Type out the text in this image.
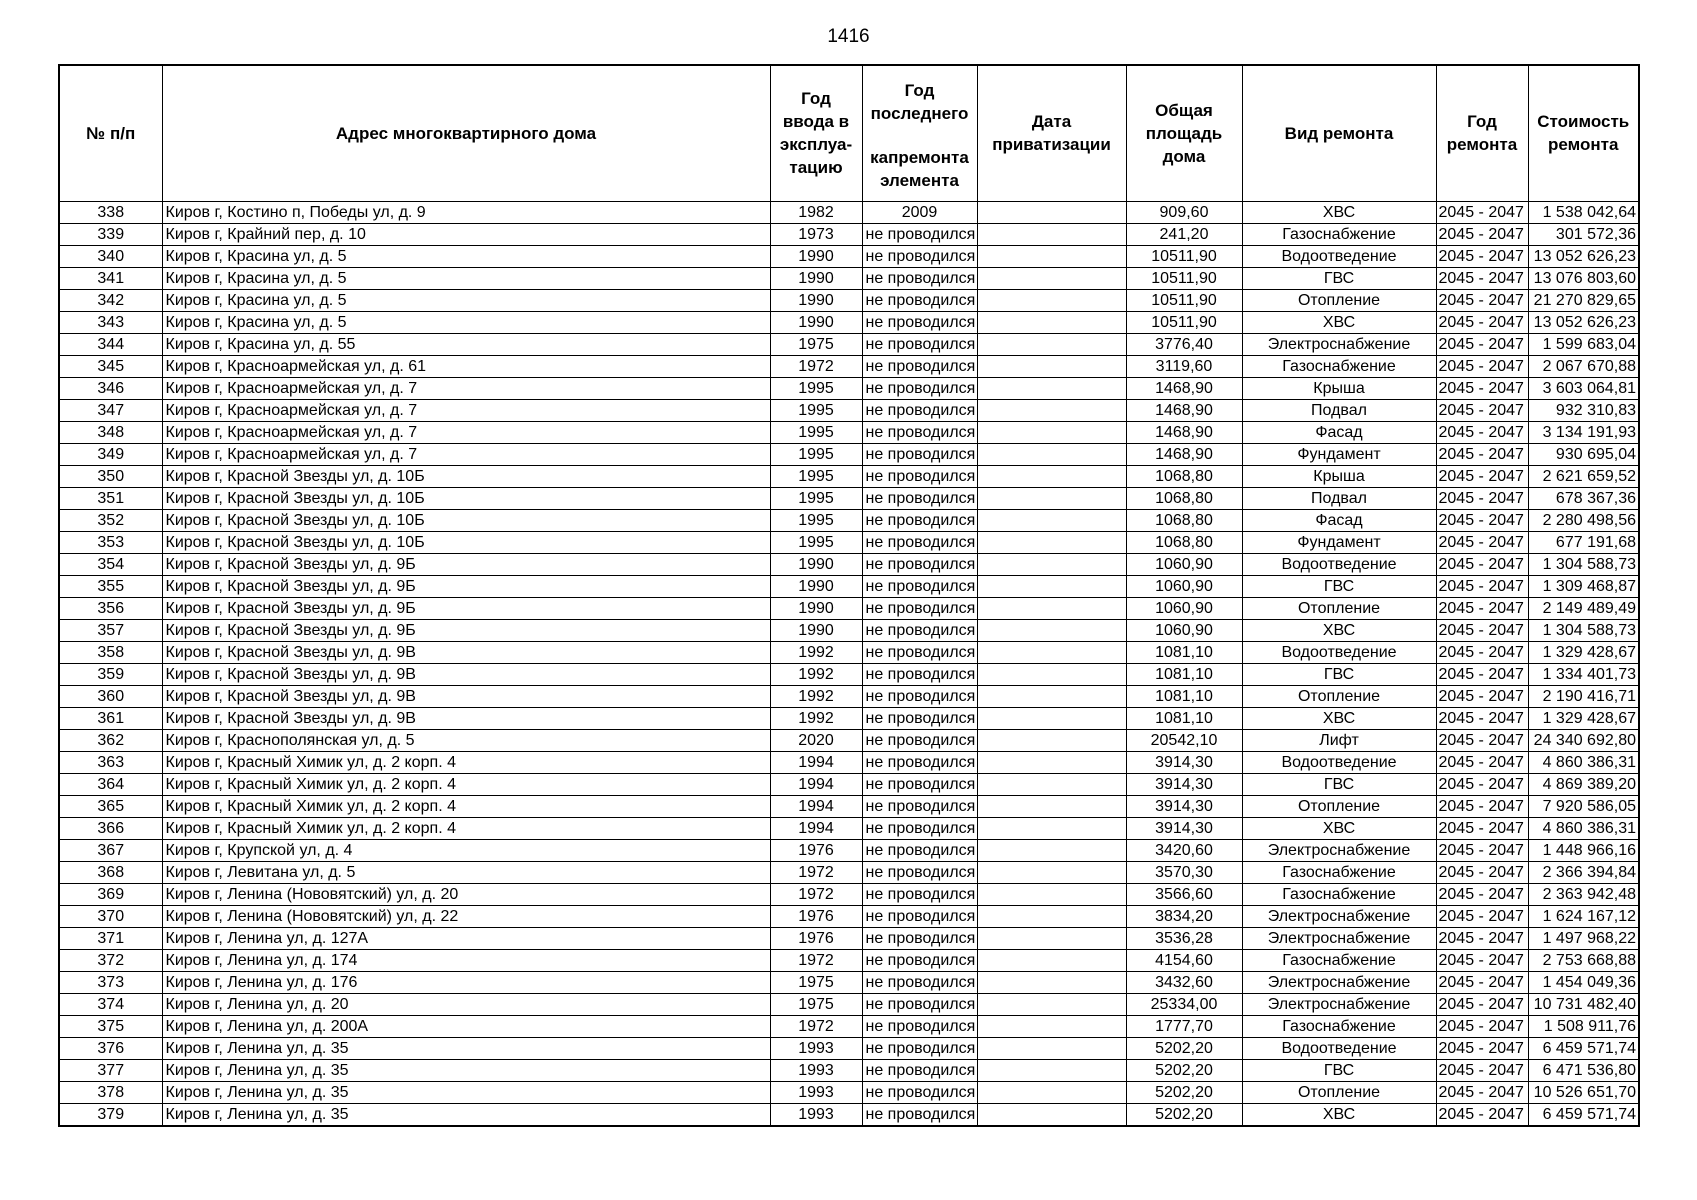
1416
№ п/п	Адрес многоквартирного дома	Год ввода в эксплуа-тацию	Год последнего
капремонта элемента	Дата приватизации	Общая площадь дома	Вид ремонта	Год ремонта	Стоимость ремонта
338	Киров г, Костино п, Победы ул, д. 9	1982	2009		909,60	ХВС	2045 - 2047	1 538 042,64
339	Киров г, Крайний пер, д. 10	1973	не проводился		241,20	Газоснабжение	2045 - 2047	301 572,36
340	Киров г, Красина ул, д. 5	1990	не проводился		10511,90	Водоотведение	2045 - 2047	13 052 626,23
341	Киров г, Красина ул, д. 5	1990	не проводился		10511,90	ГВС	2045 - 2047	13 076 803,60
342	Киров г, Красина ул, д. 5	1990	не проводился		10511,90	Отопление	2045 - 2047	21 270 829,65
343	Киров г, Красина ул, д. 5	1990	не проводился		10511,90	ХВС	2045 - 2047	13 052 626,23
344	Киров г, Красина ул, д. 55	1975	не проводился		3776,40	Электроснабжение	2045 - 2047	1 599 683,04
345	Киров г, Красноармейская ул, д. 61	1972	не проводился		3119,60	Газоснабжение	2045 - 2047	2 067 670,88
346	Киров г, Красноармейская ул, д. 7	1995	не проводился		1468,90	Крыша	2045 - 2047	3 603 064,81
347	Киров г, Красноармейская ул, д. 7	1995	не проводился		1468,90	Подвал	2045 - 2047	932 310,83
348	Киров г, Красноармейская ул, д. 7	1995	не проводился		1468,90	Фасад	2045 - 2047	3 134 191,93
349	Киров г, Красноармейская ул, д. 7	1995	не проводился		1468,90	Фундамент	2045 - 2047	930 695,04
350	Киров г, Красной Звезды ул, д. 10Б	1995	не проводился		1068,80	Крыша	2045 - 2047	2 621 659,52
351	Киров г, Красной Звезды ул, д. 10Б	1995	не проводился		1068,80	Подвал	2045 - 2047	678 367,36
352	Киров г, Красной Звезды ул, д. 10Б	1995	не проводился		1068,80	Фасад	2045 - 2047	2 280 498,56
353	Киров г, Красной Звезды ул, д. 10Б	1995	не проводился		1068,80	Фундамент	2045 - 2047	677 191,68
354	Киров г, Красной Звезды ул, д. 9Б	1990	не проводился		1060,90	Водоотведение	2045 - 2047	1 304 588,73
355	Киров г, Красной Звезды ул, д. 9Б	1990	не проводился		1060,90	ГВС	2045 - 2047	1 309 468,87
356	Киров г, Красной Звезды ул, д. 9Б	1990	не проводился		1060,90	Отопление	2045 - 2047	2 149 489,49
357	Киров г, Красной Звезды ул, д. 9Б	1990	не проводился		1060,90	ХВС	2045 - 2047	1 304 588,73
358	Киров г, Красной Звезды ул, д. 9В	1992	не проводился		1081,10	Водоотведение	2045 - 2047	1 329 428,67
359	Киров г, Красной Звезды ул, д. 9В	1992	не проводился		1081,10	ГВС	2045 - 2047	1 334 401,73
360	Киров г, Красной Звезды ул, д. 9В	1992	не проводился		1081,10	Отопление	2045 - 2047	2 190 416,71
361	Киров г, Красной Звезды ул, д. 9В	1992	не проводился		1081,10	ХВС	2045 - 2047	1 329 428,67
362	Киров г, Краснополянская ул, д. 5	2020	не проводился		20542,10	Лифт	2045 - 2047	24 340 692,80
363	Киров г, Красный Химик ул, д. 2 корп. 4	1994	не проводился		3914,30	Водоотведение	2045 - 2047	4 860 386,31
364	Киров г, Красный Химик ул, д. 2 корп. 4	1994	не проводился		3914,30	ГВС	2045 - 2047	4 869 389,20
365	Киров г, Красный Химик ул, д. 2 корп. 4	1994	не проводился		3914,30	Отопление	2045 - 2047	7 920 586,05
366	Киров г, Красный Химик ул, д. 2 корп. 4	1994	не проводился		3914,30	ХВС	2045 - 2047	4 860 386,31
367	Киров г, Крупской ул, д. 4	1976	не проводился		3420,60	Электроснабжение	2045 - 2047	1 448 966,16
368	Киров г, Левитана ул, д. 5	1972	не проводился		3570,30	Газоснабжение	2045 - 2047	2 366 394,84
369	Киров г, Ленина (Нововятский) ул, д. 20	1972	не проводился		3566,60	Газоснабжение	2045 - 2047	2 363 942,48
370	Киров г, Ленина (Нововятский) ул, д. 22	1976	не проводился		3834,20	Электроснабжение	2045 - 2047	1 624 167,12
371	Киров г, Ленина ул, д. 127А	1976	не проводился		3536,28	Электроснабжение	2045 - 2047	1 497 968,22
372	Киров г, Ленина ул, д. 174	1972	не проводился		4154,60	Газоснабжение	2045 - 2047	2 753 668,88
373	Киров г, Ленина ул, д. 176	1975	не проводился		3432,60	Электроснабжение	2045 - 2047	1 454 049,36
374	Киров г, Ленина ул, д. 20	1975	не проводился		25334,00	Электроснабжение	2045 - 2047	10 731 482,40
375	Киров г, Ленина ул, д. 200А	1972	не проводился		1777,70	Газоснабжение	2045 - 2047	1 508 911,76
376	Киров г, Ленина ул, д. 35	1993	не проводился		5202,20	Водоотведение	2045 - 2047	6 459 571,74
377	Киров г, Ленина ул, д. 35	1993	не проводился		5202,20	ГВС	2045 - 2047	6 471 536,80
378	Киров г, Ленина ул, д. 35	1993	не проводился		5202,20	Отопление	2045 - 2047	10 526 651,70
379	Киров г, Ленина ул, д. 35	1993	не проводился		5202,20	ХВС	2045 - 2047	6 459 571,74
